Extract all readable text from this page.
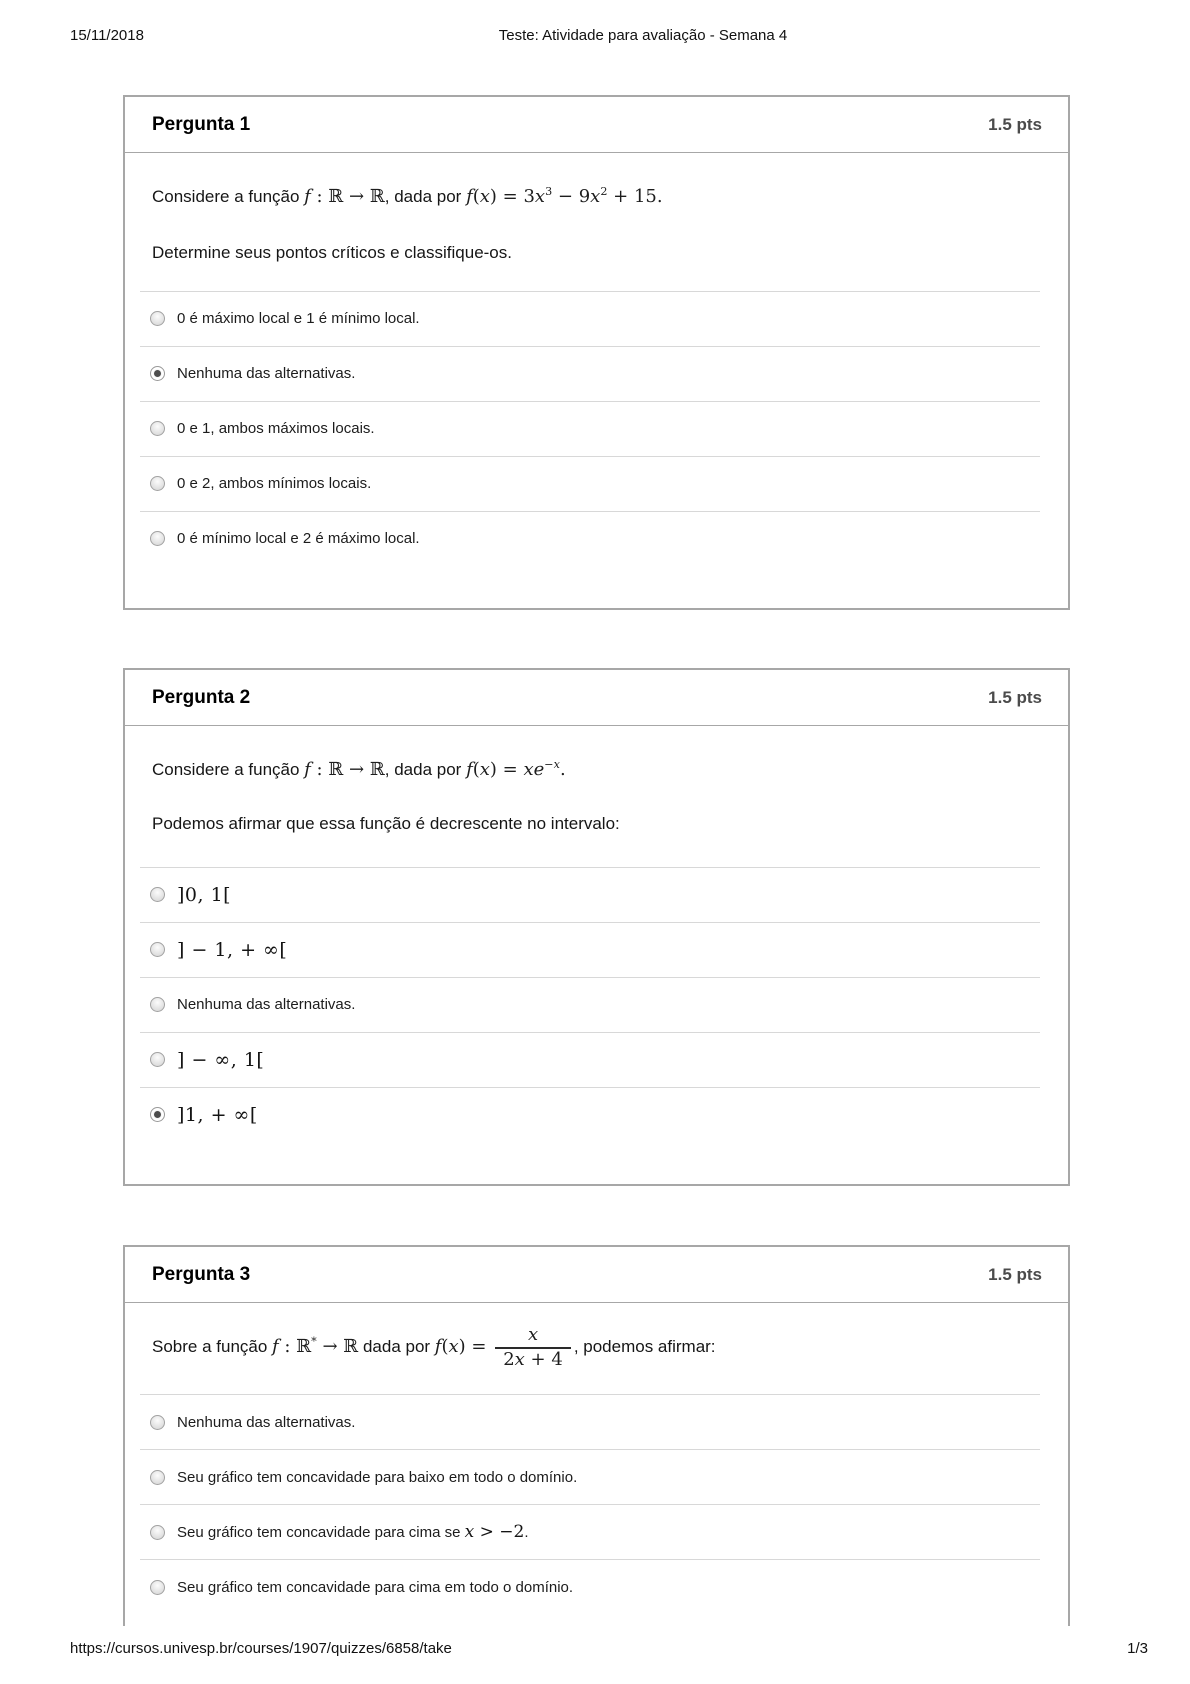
15/11/2018	Teste: Atividade para avaliação - Semana 4
Pergunta 1	1.5 pts

Considere a função f : ℝ → ℝ, dada por $f(x) = 3x^3 - 9x^2 + 15$.

Determine seus pontos críticos e classifique-os.

0 é máximo local e 1 é mínimo local.
Nenhuma das alternativas.
0 e 1, ambos máximos locais.
0 e 2, ambos mínimos locais.
0 é mínimo local e 2 é máximo local.
Pergunta 2	1.5 pts

Considere a função f : ℝ → ℝ, dada por $f(x) = xe^{-x}$.

Podemos afirmar que essa função é decrescente no intervalo:

]0, 1[
] − 1, + ∞[
Nenhuma das alternativas.
] − ∞, 1[
]1, + ∞[
Pergunta 3	1.5 pts

Sobre a função f : ℝ* → ℝ dada por $f(x) = \frac{x}{2x + 4}$ , podemos afirmar:

Nenhuma das alternativas.
Seu gráfico tem concavidade para baixo em todo o domínio.
Seu gráfico tem concavidade para cima se x > −2.
Seu gráfico tem concavidade para cima em todo o domínio.
https://cursos.univesp.br/courses/1907/quizzes/6858/take	1/3
